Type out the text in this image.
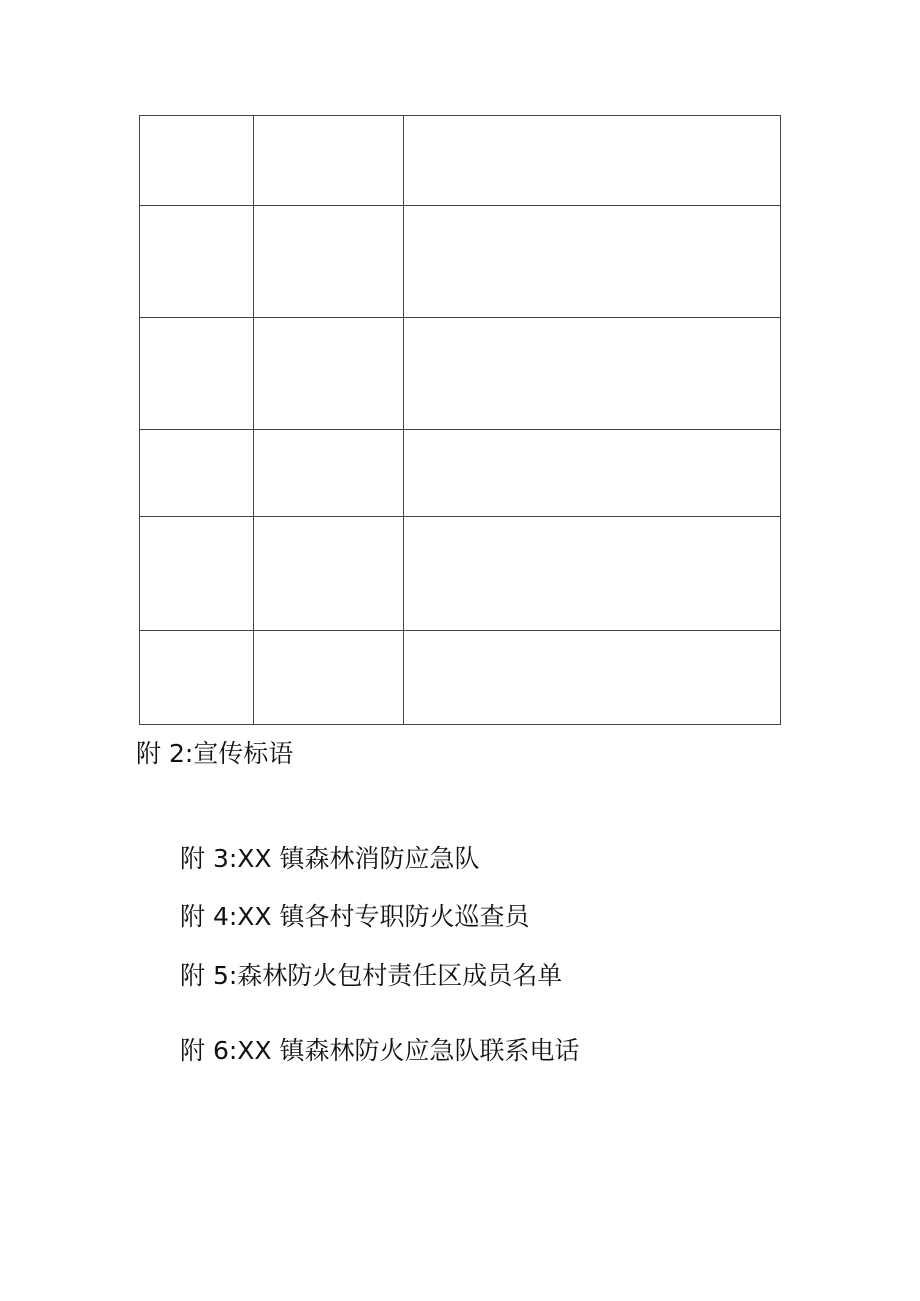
附 2:宣传标语
附 3:XX 镇森林消防应急队
附 4:XX 镇各村专职防火巡查员
附 5:森林防火包村责任区成员名单
附 6:XX 镇森林防火应急队联系电话
